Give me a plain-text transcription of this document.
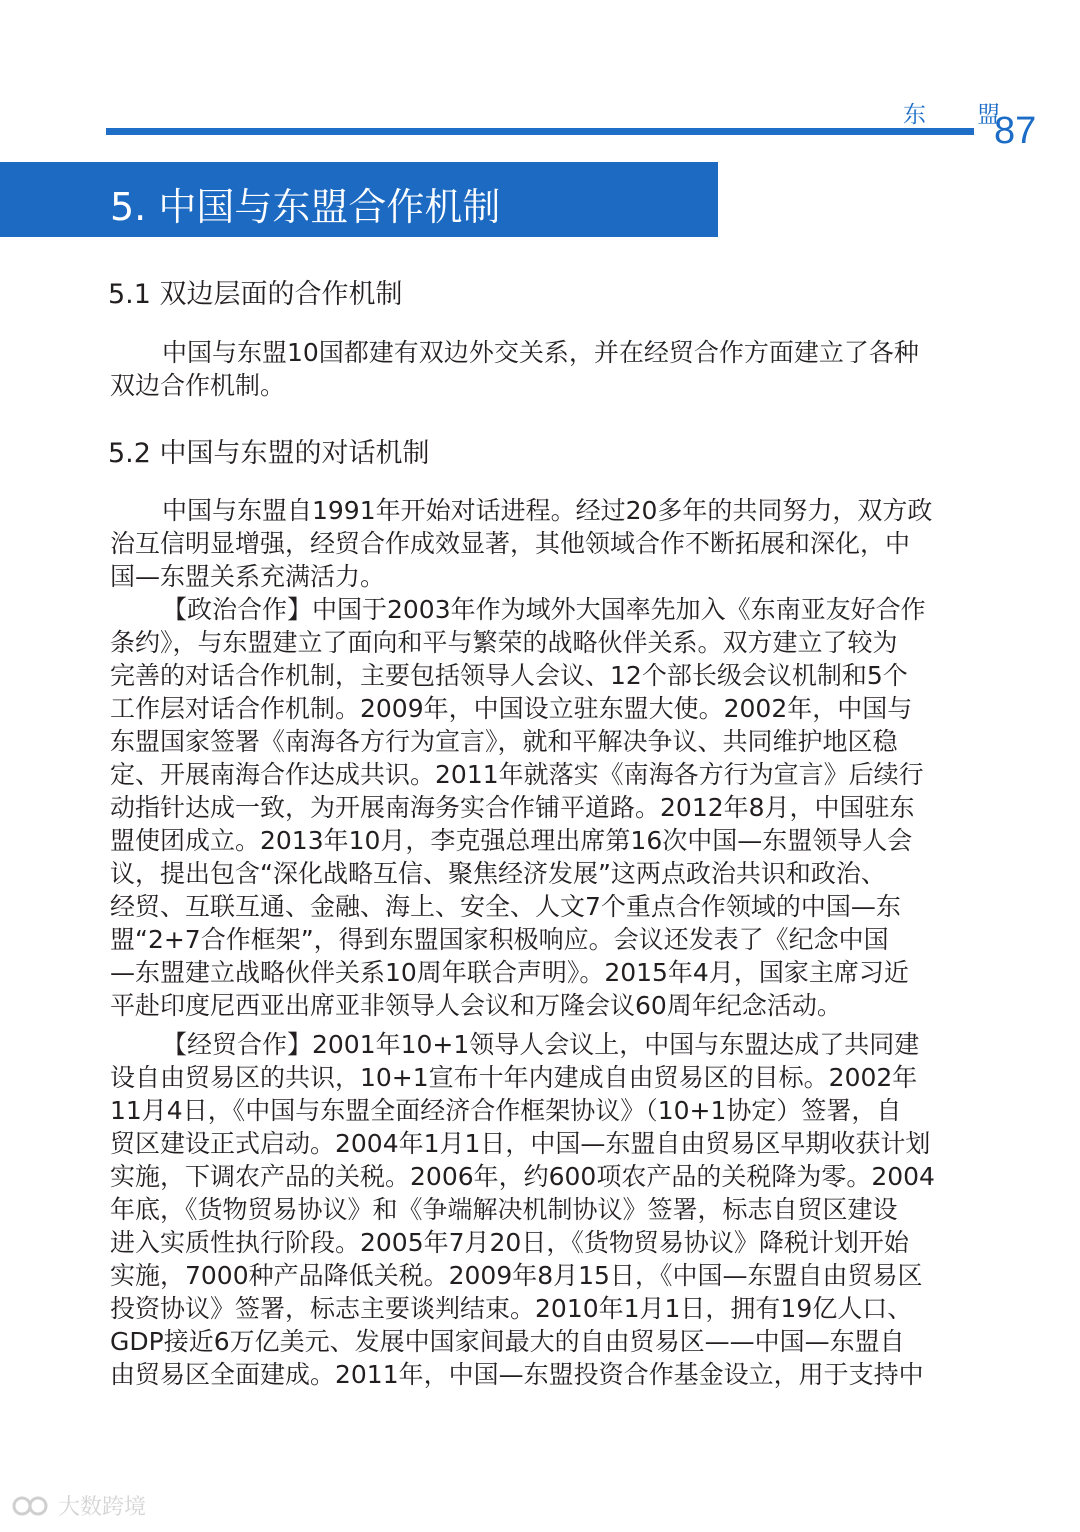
东 盟
87
5. 中国与东盟合作机制
5.1 双边层面的合作机制
中国与东盟10国都建有双边外交关系，并在经贸合作方面建立了各种
双边合作机制。
5.2 中国与东盟的对话机制
中国与东盟自1991年开始对话进程。经过20多年的共同努力，双方政
治互信明显增强，经贸合作成效显著，其他领域合作不断拓展和深化，中
国—东盟关系充满活力。
【政治合作】中国于2003年作为域外大国率先加入《东南亚友好合作
条约》，与东盟建立了面向和平与繁荣的战略伙伴关系。双方建立了较为
完善的对话合作机制，主要包括领导人会议、12个部长级会议机制和5个
工作层对话合作机制。2009年，中国设立驻东盟大使。2002年，中国与
东盟国家签署《南海各方行为宣言》，就和平解决争议、共同维护地区稳
定、开展南海合作达成共识。2011年就落实《南海各方行为宣言》后续行
动指针达成一致，为开展南海务实合作铺平道路。2012年8月，中国驻东
盟使团成立。2013年10月，李克强总理出席第16次中国—东盟领导人会
议，提出包含“深化战略互信、聚焦经济发展”这两点政治共识和政治、
经贸、互联互通、金融、海上、安全、人文7个重点合作领域的中国—东
盟“2+7合作框架”，得到东盟国家积极响应。会议还发表了《纪念中国
—东盟建立战略伙伴关系10周年联合声明》。2015年4月，国家主席习近
平赴印度尼西亚出席亚非领导人会议和万隆会议60周年纪念活动。
【经贸合作】2001年10+1领导人会议上，中国与东盟达成了共同建
设自由贸易区的共识，10+1宣布十年内建成自由贸易区的目标。2002年
11月4日，《中国与东盟全面经济合作框架协议》（10+1协定）签署，自
贸区建设正式启动。2004年1月1日，中国—东盟自由贸易区早期收获计划
实施，下调农产品的关税。2006年，约600项农产品的关税降为零。2004
年底，《货物贸易协议》和《争端解决机制协议》签署，标志自贸区建设
进入实质性执行阶段。2005年7月20日，《货物贸易协议》降税计划开始
实施，7000种产品降低关税。2009年8月15日，《中国—东盟自由贸易区
投资协议》签署，标志主要谈判结束。2010年1月1日，拥有19亿人口、
GDP接近6万亿美元、发展中国家间最大的自由贸易区——中国—东盟自
由贸易区全面建成。2011年，中国—东盟投资合作基金设立，用于支持中
大数跨境
